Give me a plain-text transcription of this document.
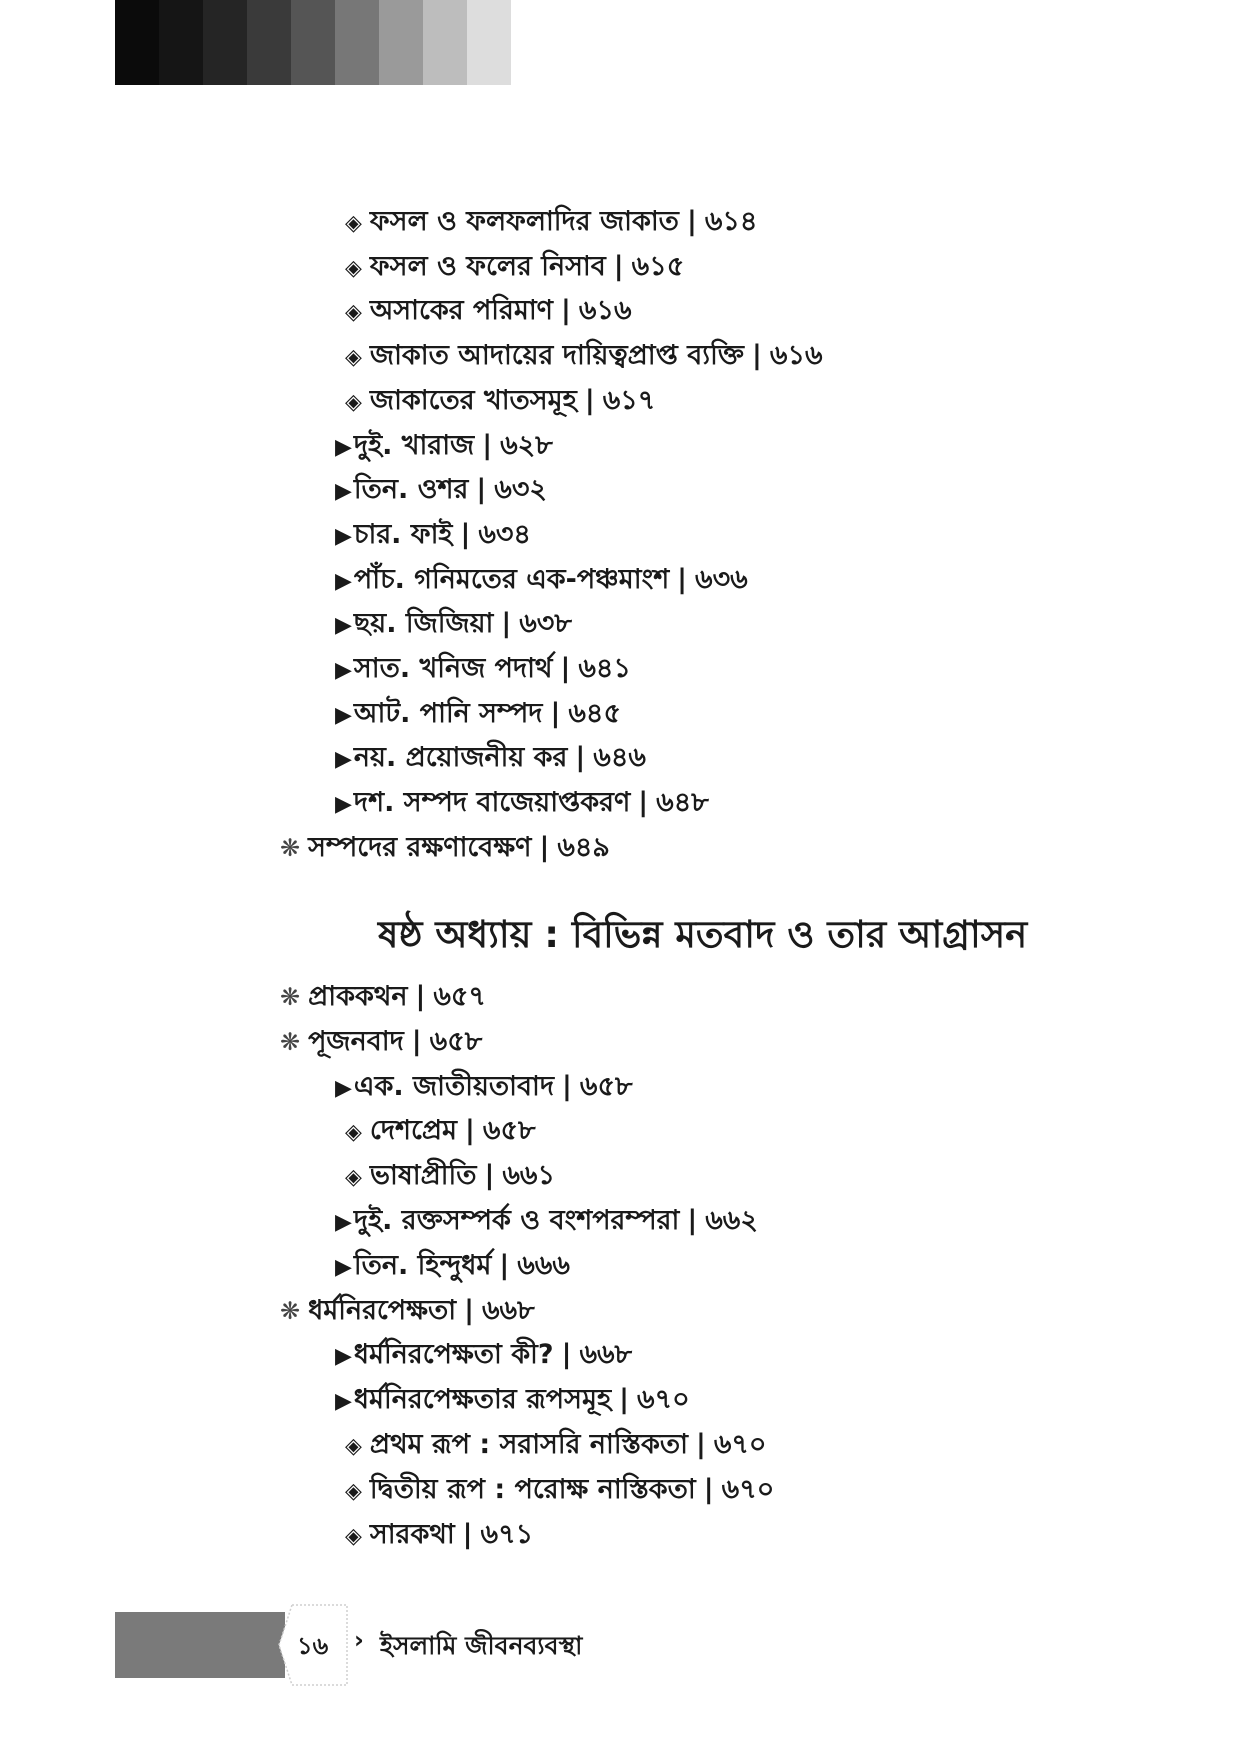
◈ ফসল ও ফলফলাদির জাকাত | ৬১৪
◈ ফসল ও ফলের নিসাব | ৬১৫
◈ অসাকের পরিমাণ | ৬১৬
◈ জাকাত আদায়ের দায়িত্বপ্রাপ্ত ব্যক্তি | ৬১৬
◈ জাকাতের খাতসমূহ | ৬১৭
▶দুই. খারাজ | ৬২৮
▶তিন. ওশর | ৬৩২
▶চার. ফাই | ৬৩৪
▶পাঁচ. গনিমতের এক-পঞ্চমাংশ | ৬৩৬
▶ছয়. জিজিয়া | ৬৩৮
▶সাত. খনিজ পদার্থ | ৬৪১
▶আট. পানি সম্পদ | ৬৪৫
▶নয়. প্রয়োজনীয় কর | ৬৪৬
▶দশ. সম্পদ বাজেয়াপ্তকরণ | ৬৪৮
❋ সম্পদের রক্ষণাবেক্ষণ | ৬৪৯
ষষ্ঠ অধ্যায় : বিভিন্ন মতবাদ ও তার আগ্রাসন
❋ প্রাককথন | ৬৫৭
❋ পূজনবাদ | ৬৫৮
▶এক. জাতীয়তাবাদ | ৬৫৮
◈ দেশপ্রেম | ৬৫৮
◈ ভাষাপ্রীতি | ৬৬১
▶দুই. রক্তসম্পর্ক ও বংশপরম্পরা | ৬৬২
▶তিন. হিন্দুধর্ম | ৬৬৬
❋ ধর্মনিরপেক্ষতা | ৬৬৮
▶ধর্মনিরপেক্ষতা কী? | ৬৬৮
▶ধর্মনিরপেক্ষতার রূপসমূহ | ৬৭০
◈ প্রথম রূপ : সরাসরি নাস্তিকতা | ৬৭০
◈ দ্বিতীয় রূপ : পরোক্ষ নাস্তিকতা | ৬৭০
◈ সারকথা | ৬৭১
১৬ › ইসলামি জীবনব্যবস্থা
